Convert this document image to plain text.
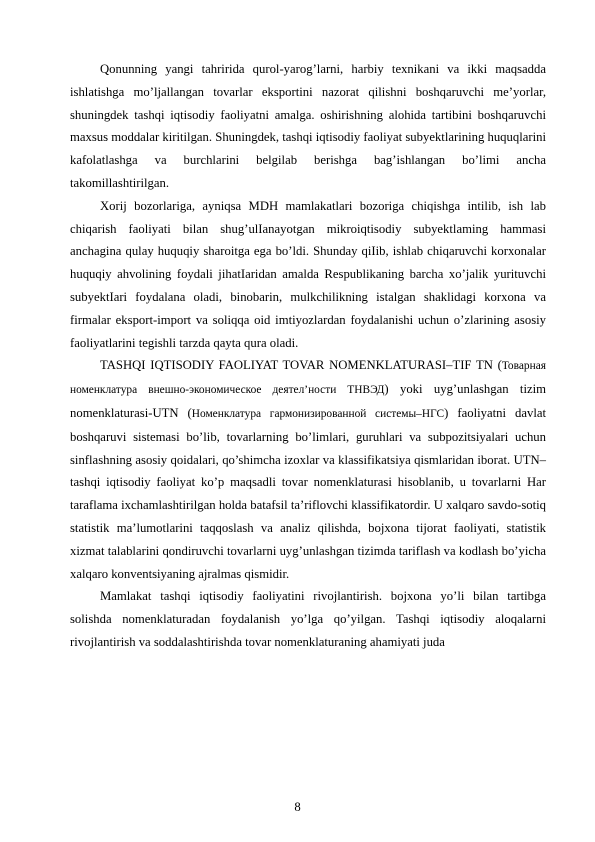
Qonunning yangi tahririda qurol-yarog’larni, harbiy texnikani va ikki maqsadda ishlatishga mo’ljallangan tovarlar eksportini nazorat qilishni boshqaruvchi me’yorlar, shuningdek tashqi iqtisodiy faoliyatni amalga. oshirishning alohida tartibini boshqaruvchi maxsus moddalar kiritilgan. Shuningdek, tashqi iqtisodiy faoliyat subyektlarining huquqlarini kafolatlashga va burchlarini belgilab berishga bag’ishlangan bo’limi ancha takomillashtirilgan.

Xorij bozorlariga, ayniqsa MDH mamlakatlari bozoriga chiqishga intilib, ish lab chiqarish faoliyati bilan shug’ulIanayotgan mikroiqtisodiy subyektlaming hammasi anchagina qulay huquqiy sharoitga ega bo’ldi. Shunday qiIib, ishlab chiqaruvchi korxonalar huquqiy ahvolining foydali jihatIaridan amalda Respublikaning barcha xo’jalik yurituvchi subyektIari foydalana oladi, binobarin, mulkchilikning istalgan shaklidagi korxona va firmalar eksport-import va soliqqa oid imtiyozlardan foydalanishi uchun o’zlarining asosiy faoliyatlarini tegishli tarzda qayta qura oladi.

TASHQI IQTISODIY FAOLIYAT TOVAR NOMENKLATURASI–TIF TN (Товарная номенклатура внешно-экономическое деятел’ности ТНВЭД) yoki uyg’unlashgan tizim nomenklaturasi-UTN (Номенклатура гармонизированной системы–НГС) faoliyatni davlat boshqaruvi sistemasi bo’lib, tovarlarning bo’limlari, guruhlari va subpozitsiyalari uchun sinflashning asosiy qoidalari, qo’shimcha izoxlar va klassifikatsiya qismlaridan iborat. UTN–tashqi iqtisodiy faoliyat ko’p maqsadli tovar nomenklaturasi hisoblanib, u tovarlarni Har taraflama ixchamlashtirilgan holda batafsil ta’riflovchi klassifikatordir. U xalqaro savdo-sotiq statistik ma’lumotlarini taqqoslash va analiz qilishda, bojxona tijorat faoliyati, statistik xizmat talablarini qondiruvchi tovarlarni uyg’unlashgan tizimda tariflash va kodlash bo’yicha xalqaro konventsiyaning ajralmas qismidir.

Mamlakat tashqi iqtisodiy faoliyatini rivojlantirish. bojxona yo’li bilan tartibga solishda nomenklaturadan foydalanish yo’lga qo’yilgan. Tashqi iqtisodiy aloqalarni rivojlantirish va soddalashtirishda tovar nomenklaturaning ahamiyati juda

8
